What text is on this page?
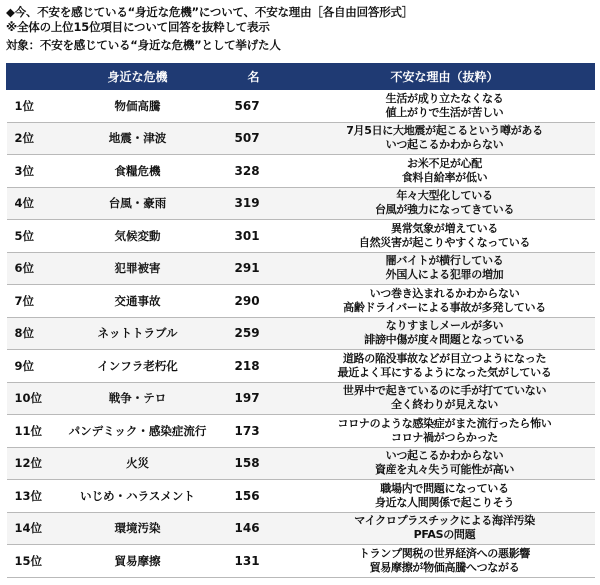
◆今、不安を感じている“身近な危機”について、不安な理由［各自由回答形式］
※全体の上位15位項目について回答を抜粋して表示
対象：不安を感じている“身近な危機”として挙げた人
	身近な危機	名	不安な理由（抜粋）
1位	物価高騰	567	生活が成り立たなくなる
値上がりで生活が苦しい

2位	地震・津波	507	7月5日に大地震が起こるという噂がある
いつ起こるかわからない

3位	食糧危機	328	お米不足が心配
食料自給率が低い

4位	台風・豪雨	319	年々大型化している
台風が強力になってきている

5位	気候変動	301	異常気象が増えている
自然災害が起こりやすくなっている

6位	犯罪被害	291	闇バイトが横行している
外国人による犯罪の増加

7位	交通事故	290	いつ巻き込まれるかわからない
高齢ドライバーによる事故が多発している

8位	ネットトラブル	259	なりすましメールが多い
誹謗中傷が度々問題となっている

9位	インフラ老朽化	218	道路の陥没事故などが目立つようになった
最近よく耳にするようになった気がしている

10位	戦争・テロ	197	世界中で起きているのに手が打てていない
全く終わりが見えない

11位	パンデミック・感染症流行	173	コロナのような感染症がまた流行ったら怖い
コロナ禍がつらかった

12位	火災	158	いつ起こるかわからない
資産を丸々失う可能性が高い

13位	いじめ・ハラスメント	156	職場内で問題になっている
身近な人間関係で起こりそう

14位	環境汚染	146	マイクロプラスチックによる海洋汚染
PFASの問題

15位	貿易摩擦	131	トランプ関税の世界経済への悪影響
貿易摩擦が物価高騰へつながる
